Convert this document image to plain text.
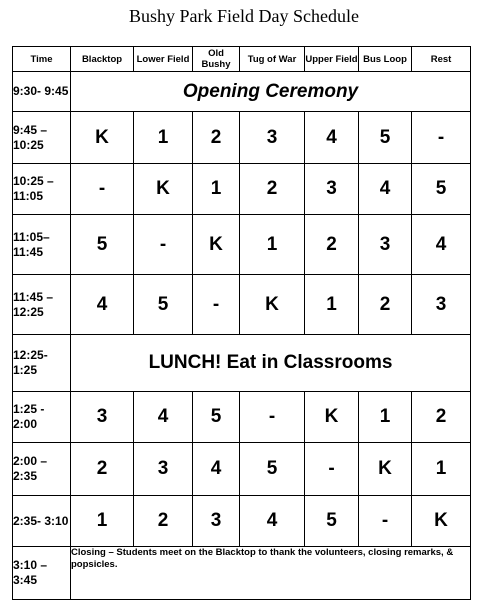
Bushy Park Field Day Schedule
Time	Blacktop	Lower Field	Old Bushy	Tug of War	Upper Field	Bus Loop	Rest
9:30- 9:45	Opening Ceremony						
9:45 – 10:25	K	1	2	3	4	5	-
10:25 – 11:05	-	K	1	2	3	4	5
11:05– 11:45	5	-	K	1	2	3	4
11:45 – 12:25	4	5	-	K	1	2	3
12:25- 1:25	LUNCH! Eat in Classrooms						
1:25 - 2:00	3	4	5	-	K	1	2
2:00 – 2:35	2	3	4	5	-	K	1
2:35- 3:10	1	2	3	4	5	-	K
3:10 – 3:45	Closing – Students meet on the Blacktop to thank the volunteers, closing remarks, & popsicles.						
